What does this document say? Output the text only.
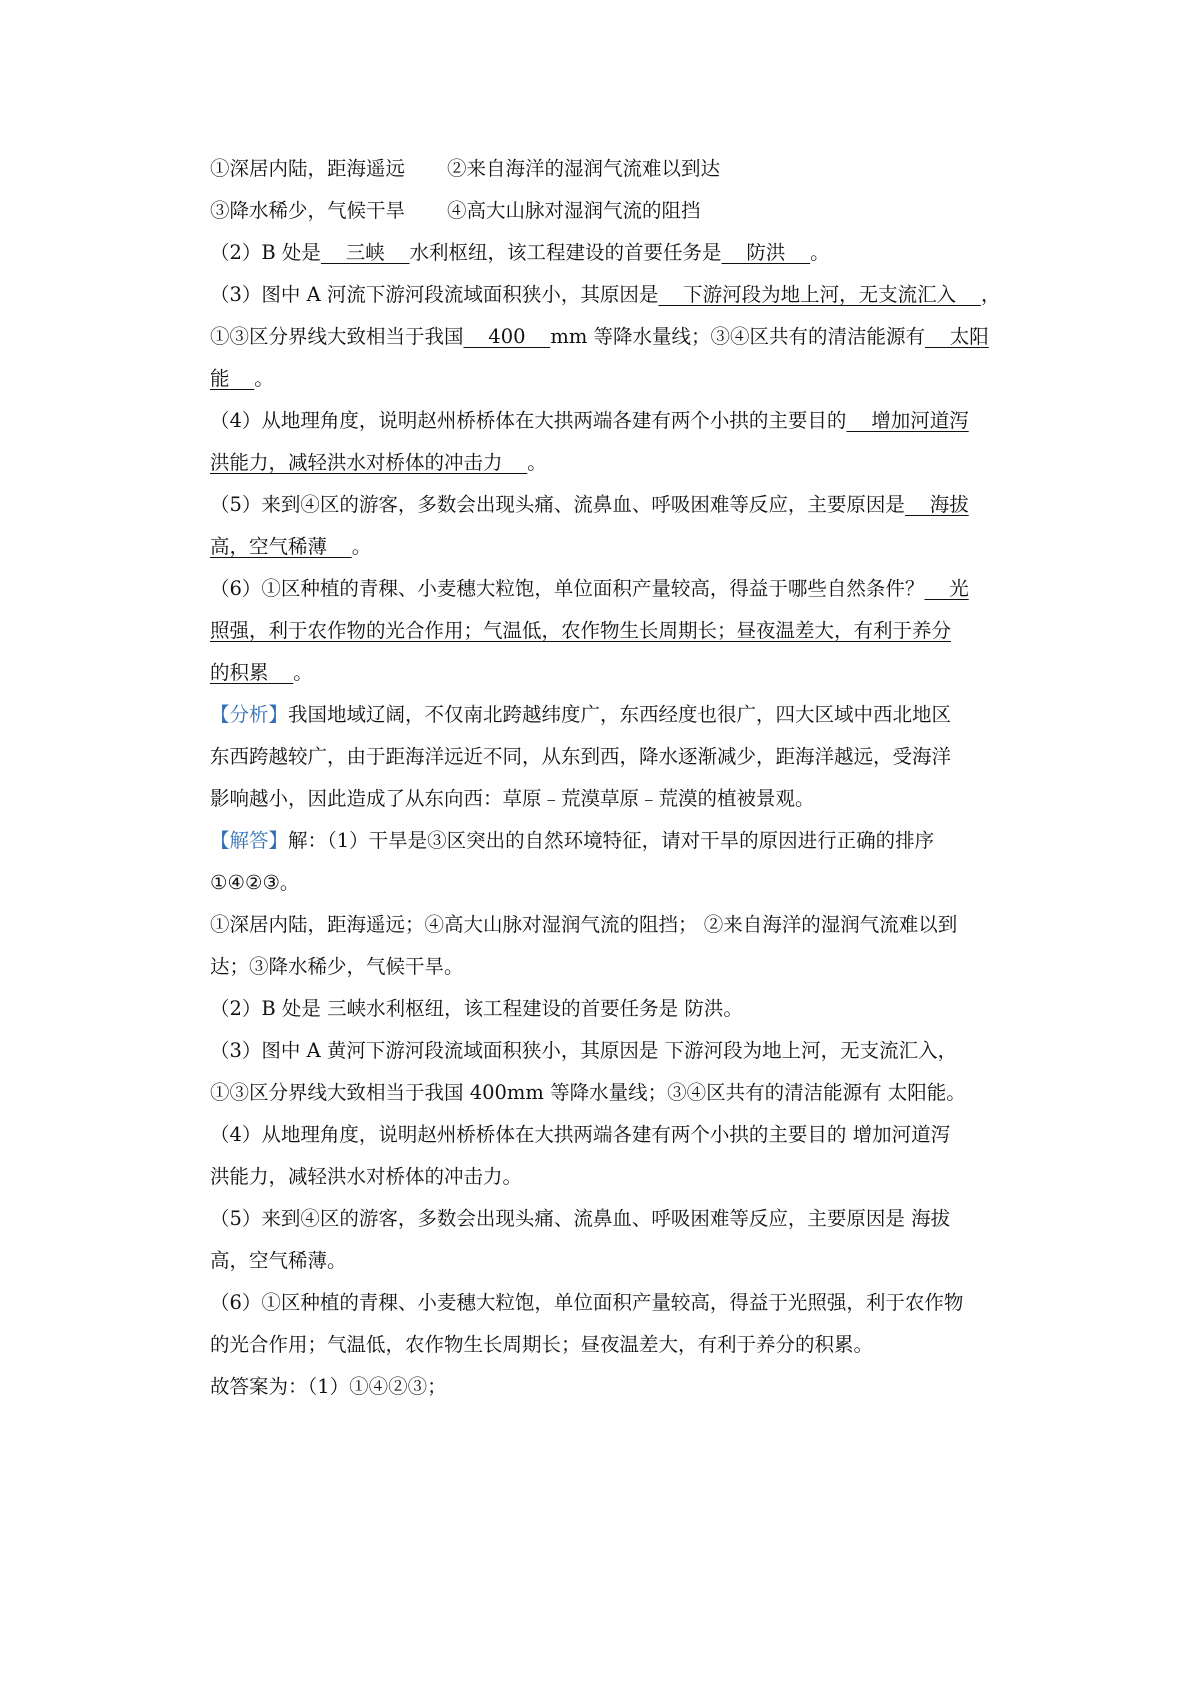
①深居内陆，距海遥远 ②来自海洋的湿润气流难以到达
③降水稀少，气候干旱 ④高大山脉对湿润气流的阻挡
（2）B 处是    三峡    水利枢纽，该工程建设的首要任务是    防洪    。
（3）图中 A 河流下游河段流域面积狭小，其原因是    下游河段为地上河，无支流汇入    ，
①③区分界线大致相当于我国    400    mm 等降水量线；③④区共有的清洁能源有    太阳
能    。
（4）从地理角度，说明赵州桥桥体在大拱两端各建有两个小拱的主要目的    增加河道泻
洪能力，减轻洪水对桥体的冲击力    。
（5）来到④区的游客，多数会出现头痛、流鼻血、呼吸困难等反应，主要原因是    海拔
高，空气稀薄    。
（6）①区种植的青稞、小麦穗大粒饱，单位面积产量较高，得益于哪些自然条件？    光
照强，利于农作物的光合作用；气温低，农作物生长周期长；昼夜温差大，有利于养分
的积累    。
【分析】我国地域辽阔，不仅南北跨越纬度广，东西经度也很广，四大区域中西北地区
东西跨越较广，由于距海洋远近不同，从东到西，降水逐渐减少，距海洋越远，受海洋
影响越小，因此造成了从东向西：草原﹣荒漠草原﹣荒漠的植被景观。
【解答】解：（1）干旱是③区突出的自然环境特征，请对干旱的原因进行正确的排序
①④②③。
①深居内陆，距海遥远；④高大山脉对湿润气流的阻挡； ②来自海洋的湿润气流难以到
达；③降水稀少，气候干旱。
（2）B 处是 三峡水利枢纽，该工程建设的首要任务是 防洪。
（3）图中 A 黄河下游河段流域面积狭小，其原因是 下游河段为地上河，无支流汇入，
①③区分界线大致相当于我国 400mm 等降水量线；③④区共有的清洁能源有 太阳能。
（4）从地理角度，说明赵州桥桥体在大拱两端各建有两个小拱的主要目的 增加河道泻
洪能力，减轻洪水对桥体的冲击力。
（5）来到④区的游客，多数会出现头痛、流鼻血、呼吸困难等反应，主要原因是 海拔
高，空气稀薄。
（6）①区种植的青稞、小麦穗大粒饱，单位面积产量较高，得益于光照强，利于农作物
的光合作用；气温低，农作物生长周期长；昼夜温差大，有利于养分的积累。
故答案为：（1）①④②③；
